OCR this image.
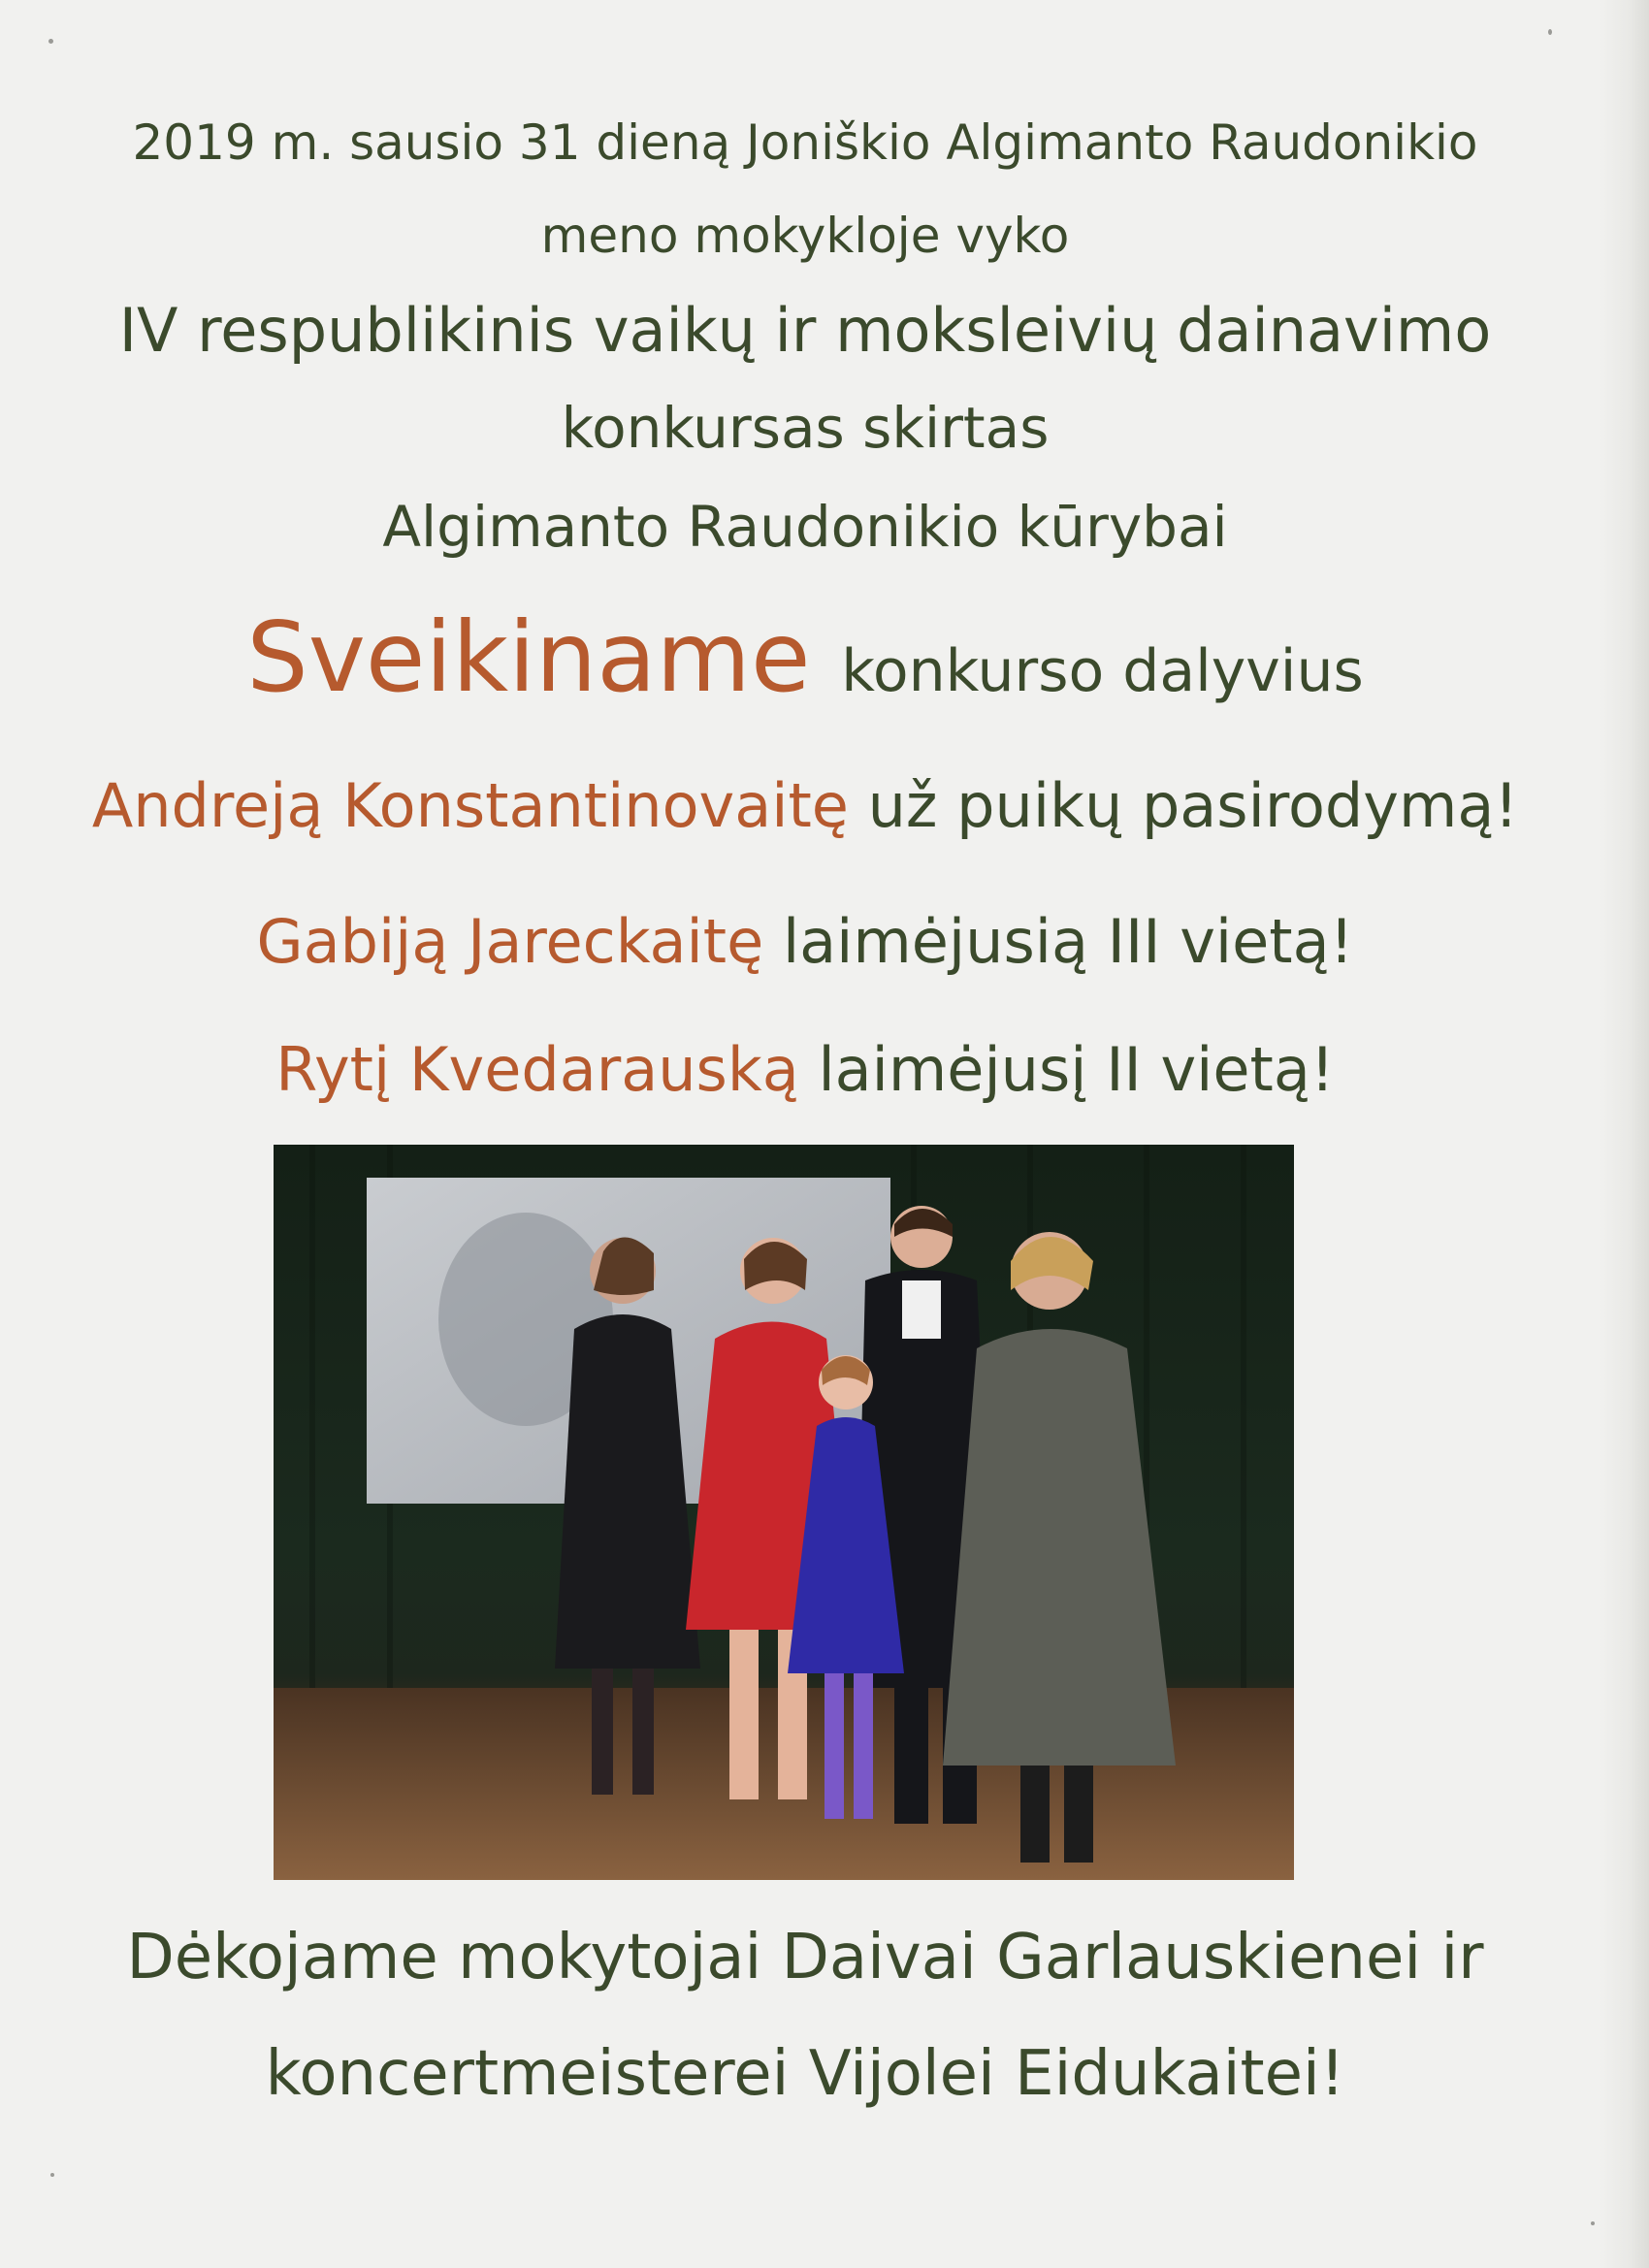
2019 m. sausio 31 dieną Joniškio Algimanto Raudonikio
meno mokykloje vyko
IV respublikinis vaikų ir moksleivių dainavimo
konkursas skirtas
Algimanto Raudonikio kūrybai
Sveikiname konkurso dalyvius
Andreją Konstantinovaitę už puikų pasirodymą!
Gabiją Jareckaitę laimėjusią III vietą!
Rytį Kvedarauską laimėjusį II vietą!
Dėkojame mokytojai Daivai Garlauskienei ir
koncertmeisterei Vijolei Eidukaitei!
